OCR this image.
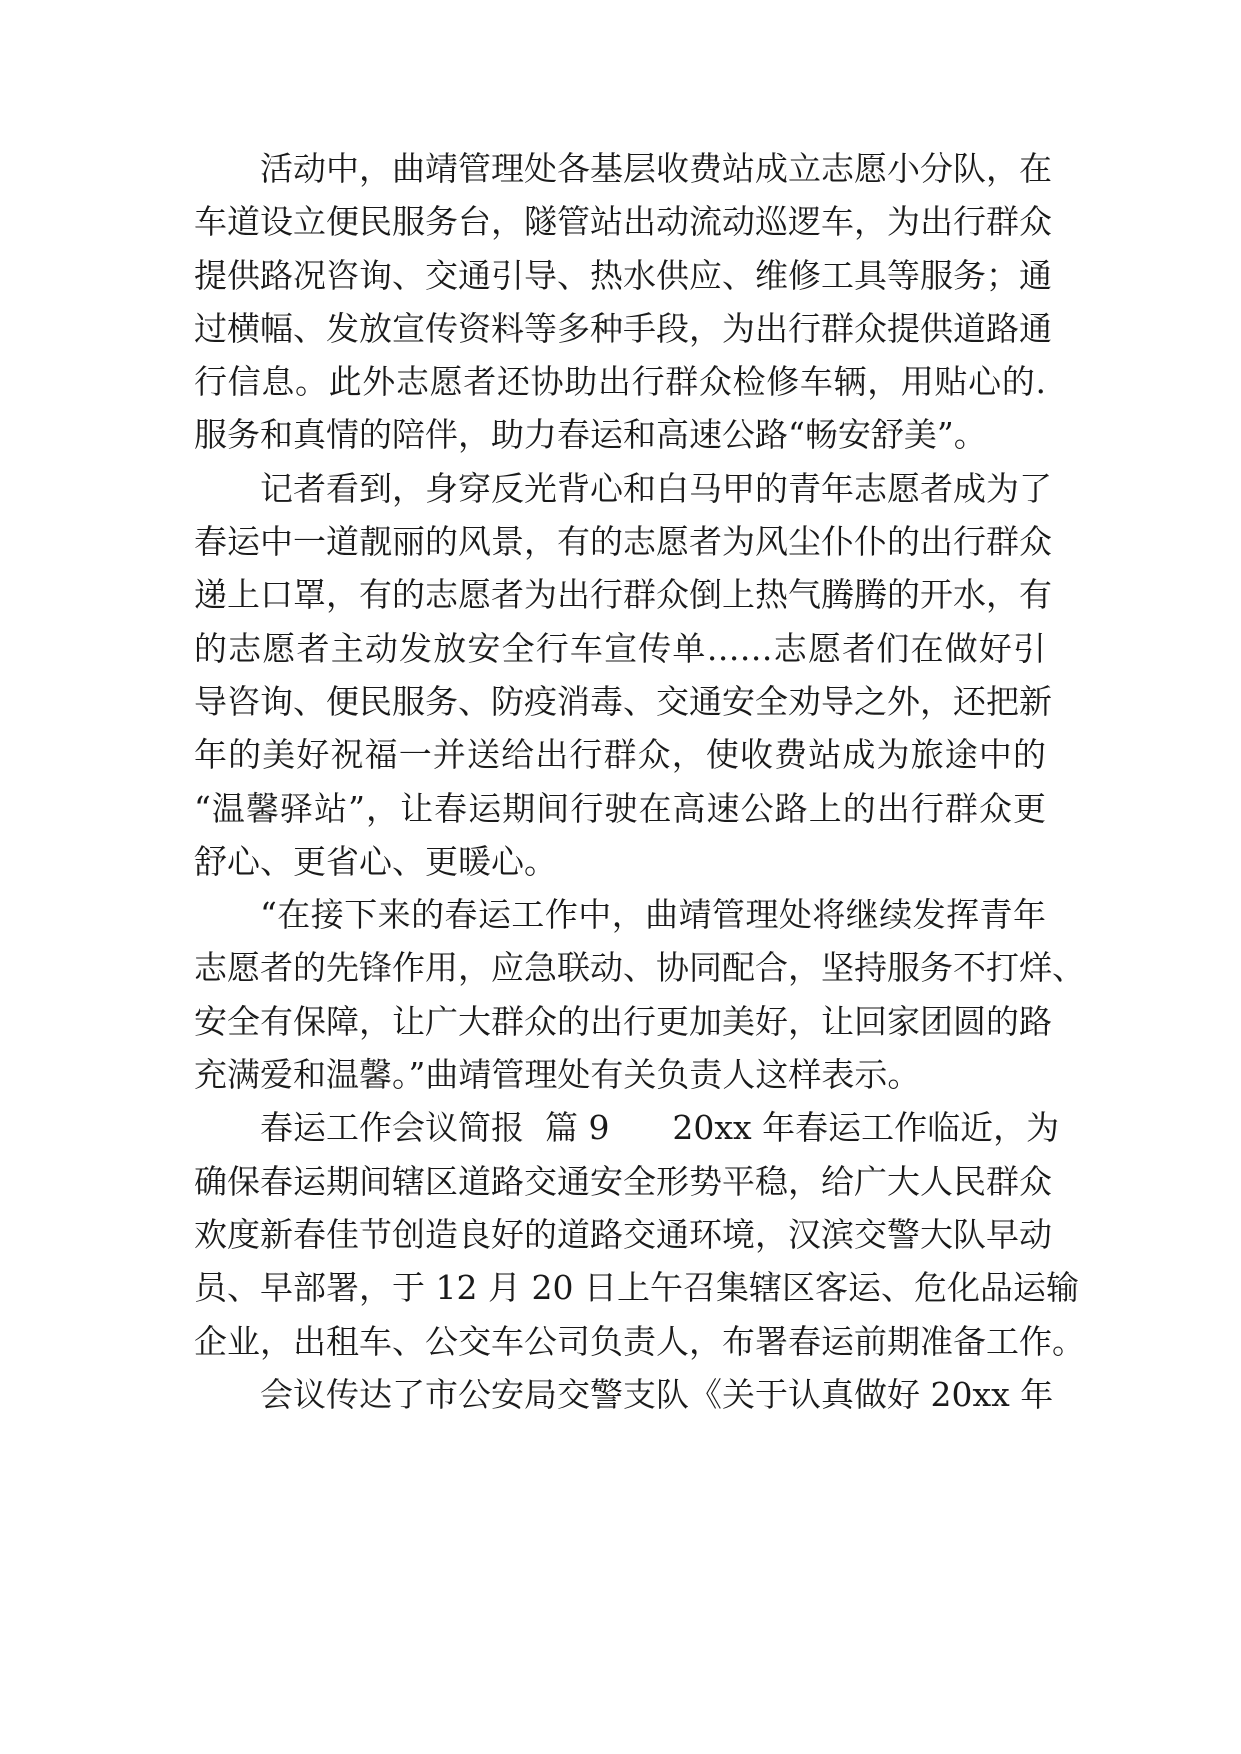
活动中，曲靖管理处各基层收费站成立志愿小分队，在
车道设立便民服务台，隧管站出动流动巡逻车，为出行群众
提供路况咨询、交通引导、热水供应、维修工具等服务；通
过横幅、发放宣传资料等多种手段，为出行群众提供道路通
行信息。此外志愿者还协助出行群众检修车辆，用贴心的.
服务和真情的陪伴，助力春运和高速公路“畅安舒美”。
记者看到，身穿反光背心和白马甲的青年志愿者成为了
春运中一道靓丽的风景，有的志愿者为风尘仆仆的出行群众
递上口罩，有的志愿者为出行群众倒上热气腾腾的开水，有
的志愿者主动发放安全行车宣传单……志愿者们在做好引
导咨询、便民服务、防疫消毒、交通安全劝导之外，还把新
年的美好祝福一并送给出行群众，使收费站成为旅途中的
“温馨驿站”，让春运期间行驶在高速公路上的出行群众更
舒心、更省心、更暖心。
“在接下来的春运工作中，曲靖管理处将继续发挥青年
志愿者的先锋作用，应急联动、协同配合，坚持服务不打烊、
安全有保障，让广大群众的出行更加美好，让回家团圆的路
充满爱和温馨。”曲靖管理处有关负责人这样表示。
春运工作会议简报  篇 9      20xx 年春运工作临近，为
确保春运期间辖区道路交通安全形势平稳，给广大人民群众
欢度新春佳节创造良好的道路交通环境，汉滨交警大队早动
员、早部署，于 12 月 20 日上午召集辖区客运、危化品运输
企业，出租车、公交车公司负责人，布署春运前期准备工作。
会议传达了市公安局交警支队《关于认真做好 20xx 年
